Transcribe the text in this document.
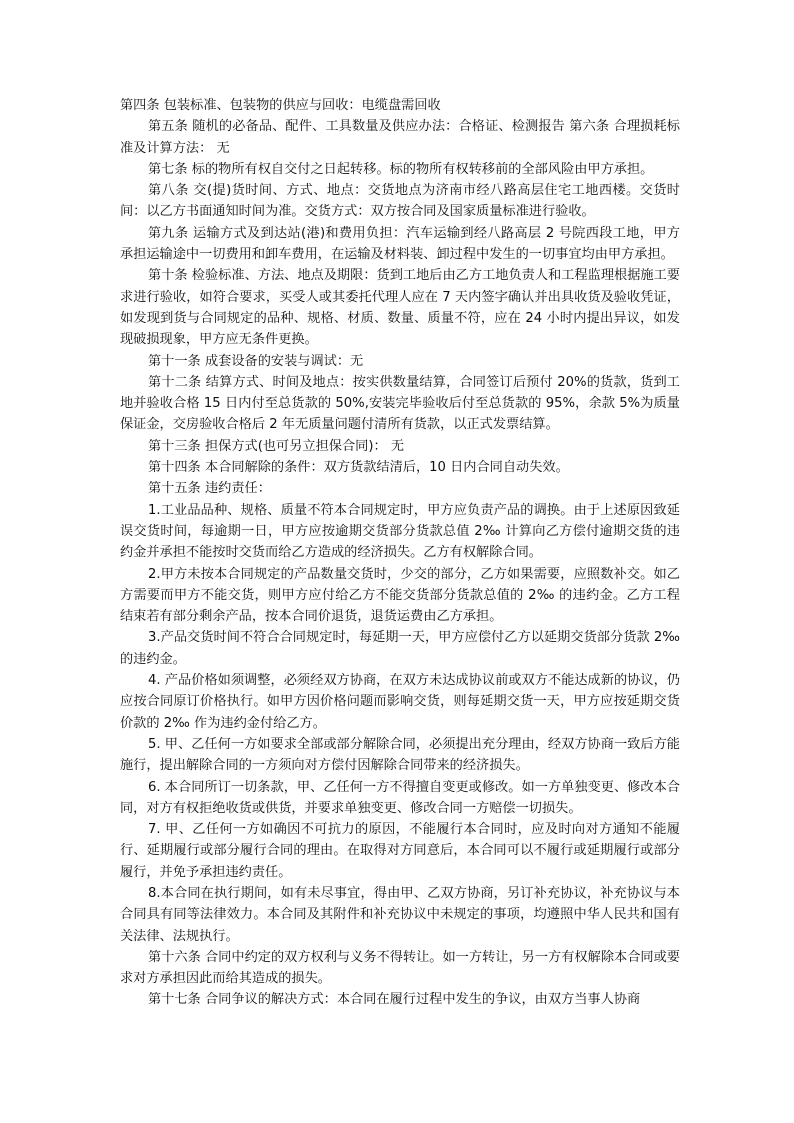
第四条 包装标准、包装物的供应与回收：电缆盘需回收

第五条 随机的必备品、配件、工具数量及供应办法：合格证、检测报告 第六条 合理损耗标准及计算方法： 无

第七条 标的物所有权自交付之日起转移。标的物所有权转移前的全部风险由甲方承担。

第八条 交(提)货时间、方式、地点：交货地点为济南市经八路高层住宅工地西楼。交货时间：以乙方书面通知时间为准。交货方式：双方按合同及国家质量标准进行验收。

第九条 运输方式及到达站(港)和费用负担：汽车运输到经八路高层 2 号院西段工地，甲方承担运输途中一切费用和卸车费用，在运输及材料装、卸过程中发生的一切事宜均由甲方承担。

第十条 检验标准、方法、地点及期限：货到工地后由乙方工地负责人和工程监理根据施工要求进行验收，如符合要求，买受人或其委托代理人应在 7 天内签字确认并出具收货及验收凭证，如发现到货与合同规定的品种、规格、材质、数量、质量不符，应在 24 小时内提出异议，如发现破损现象，甲方应无条件更换。

第十一条 成套设备的安装与调试：无

第十二条 结算方式、时间及地点：按实供数量结算，合同签订后预付 20%的货款，货到工地并验收合格 15 日内付至总货款的 50%,安装完毕验收后付至总货款的 95%，余款 5%为质量保证金，交房验收合格后 2 年无质量问题付清所有货款，以正式发票结算。

第十三条 担保方式(也可另立担保合同)： 无

第十四条 本合同解除的条件：双方货款结清后，10 日内合同自动失效。

第十五条 违约责任：

1.工业品品种、规格、质量不符本合同规定时，甲方应负责产品的调换。由于上述原因致延误交货时间，每逾期一日，甲方应按逾期交货部分货款总值 2‰ 计算向乙方偿付逾期交货的违约金并承担不能按时交货而给乙方造成的经济损失。乙方有权解除合同。

2.甲方未按本合同规定的产品数量交货时，少交的部分，乙方如果需要，应照数补交。如乙方需要而甲方不能交货，则甲方应付给乙方不能交货部分货款总值的 2‰ 的违约金。乙方工程结束若有部分剩余产品，按本合同价退货，退货运费由乙方承担。

3.产品交货时间不符合合同规定时，每延期一天，甲方应偿付乙方以延期交货部分货款 2‰ 的违约金。

4. 产品价格如须调整，必须经双方协商，在双方未达成协议前或双方不能达成新的协议，仍应按合同原订价格执行。如甲方因价格问题而影响交货，则每延期交货一天，甲方应按延期交货价款的 2‰ 作为违约金付给乙方。

5. 甲、乙任何一方如要求全部或部分解除合同，必须提出充分理由，经双方协商一致后方能施行，提出解除合同的一方须向对方偿付因解除合同带来的经济损失。

6. 本合同所订一切条款，甲、乙任何一方不得擅自变更或修改。如一方单独变更、修改本合同，对方有权拒绝收货或供货，并要求单独变更、修改合同一方赔偿一切损失。

7. 甲、乙任何一方如确因不可抗力的原因，不能履行本合同时，应及时向对方通知不能履行、延期履行或部分履行合同的理由。在取得对方同意后，本合同可以不履行或延期履行或部分履行，并免予承担违约责任。

8.本合同在执行期间，如有未尽事宜，得由甲、乙双方协商，另订补充协议，补充协议与本合同具有同等法律效力。本合同及其附件和补充协议中未规定的事项，均遵照中华人民共和国有关法律、法规执行。

第十六条 合同中约定的双方权利与义务不得转让。如一方转让，另一方有权解除本合同或要求对方承担因此而给其造成的损失。

第十七条 合同争议的解决方式：本合同在履行过程中发生的争议，由双方当事人协商
